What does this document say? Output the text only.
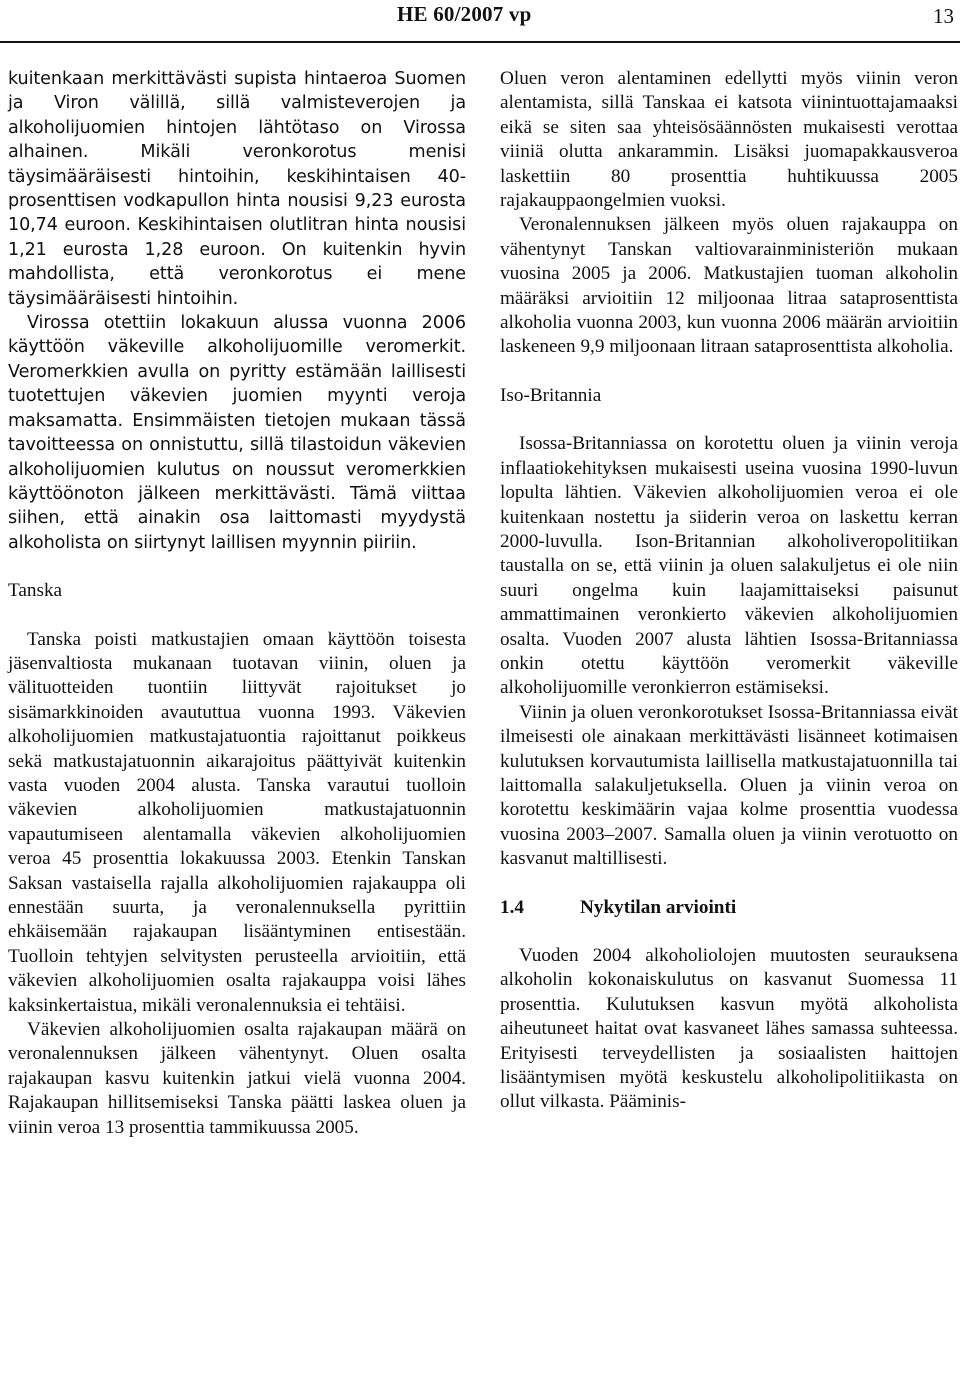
HE 60/2007 vp	13

kuitenkaan merkittävästi supista hintaeroa Suomen ja Viron välillä, sillä valmisteverojen ja alkoholijuomien hintojen lähtötaso on Virossa alhainen. Mikäli veronkorotus menisi täysimääräisesti hintoihin, keskihintaisen 40-prosenttisen vodkapullon hinta nousisi 9,23 eurosta 10,74 euroon. Keskihintaisen olutlitran hinta nousisi 1,21 eurosta 1,28 euroon. On kuitenkin hyvin mahdollista, että veronkorotus ei mene täysimääräisesti hintoihin.

Virossa otettiin lokakuun alussa vuonna 2006 käyttöön väkeville alkoholijuomille veromerkit. Veromerkkien avulla on pyritty estämään laillisesti tuotettujen väkevien juomien myynti veroja maksamatta. Ensimmäisten tietojen mukaan tässä tavoitteessa on onnistuttu, sillä tilastoidun väkevien alkoholijuomien kulutus on noussut veromerkkien käyttöönoton jälkeen merkittävästi. Tämä viittaa siihen, että ainakin osa laittomasti myydystä alkoholista on siirtynyt laillisen myynnin piiriin.

Tanska

Tanska poisti matkustajien omaan käyttöön toisesta jäsenvaltiosta mukanaan tuotavan viinin, oluen ja välituotteiden tuontiin liittyvät rajoitukset jo sisämarkkinoiden avaututtua vuonna 1993. Väkevien alkoholijuomien matkustajatuontia rajoittanut poikkeus sekä matkustajatuonnin aikarajoitus päättyivät kuitenkin vasta vuoden 2004 alusta. Tanska varautui tuolloin väkevien alkoholijuomien matkustajatuonnin vapautumiseen alentamalla väkevien alkoholijuomien veroa 45 prosenttia lokakuussa 2003. Etenkin Tanskan Saksan vastaisella rajalla alkoholijuomien rajakauppa oli ennestään suurta, ja veronalennuksella pyrittiin ehkäisemään rajakaupan lisääntyminen entisestään. Tuolloin tehtyjen selvitysten perusteella arvioitiin, että väkevien alkoholijuomien osalta rajakauppa voisi lähes kaksinkertaistua, mikäli veronalennuksia ei tehtäisi.

Väkevien alkoholijuomien osalta rajakaupan määrä on veronalennuksen jälkeen vähentynyt. Oluen osalta rajakaupan kasvu kuitenkin jatkui vielä vuonna 2004. Rajakaupan hillitsemiseksi Tanska päätti laskea oluen ja viinin veroa 13 prosenttia tammikuussa 2005.

Oluen veron alentaminen edellytti myös viinin veron alentamista, sillä Tanskaa ei katsota viinintuottajamaaksi eikä se siten saa yhteisösäännösten mukaisesti verottaa viiniä olutta ankarammin. Lisäksi juomapakkausveroa laskettiin 80 prosenttia huhtikuussa 2005 rajakauppaongelmien vuoksi.

Veronalennuksen jälkeen myös oluen rajakauppa on vähentynyt Tanskan valtiovarainministeriön mukaan vuosina 2005 ja 2006. Matkustajien tuoman alkoholin määräksi arvioitiin 12 miljoonaa litraa sataprosenttista alkoholia vuonna 2003, kun vuonna 2006 määrän arvioitiin laskeneen 9,9 miljoonaan litraan sataprosenttista alkoholia.

Iso-Britannia

Isossa-Britanniassa on korotettu oluen ja viinin veroja inflaatiokehityksen mukaisesti useina vuosina 1990-luvun lopulta lähtien. Väkevien alkoholijuomien veroa ei ole kuitenkaan nostettu ja siiderin veroa on laskettu kerran 2000-luvulla. Ison-Britannian alkoholiveropolitiikan taustalla on se, että viinin ja oluen salakuljetus ei ole niin suuri ongelma kuin laajamittaiseksi paisunut ammattimainen veronkierto väkevien alkoholijuomien osalta. Vuoden 2007 alusta lähtien Isossa-Britanniassa onkin otettu käyttöön veromerkit väkeville alkoholijuomille veronkierron estämiseksi.

Viinin ja oluen veronkorotukset Isossa-Britanniassa eivät ilmeisesti ole ainakaan merkittävästi lisänneet kotimaisen kulutuksen korvautumista laillisella matkustajatuonnilla tai laittomalla salakuljetuksella. Oluen ja viinin veroa on korotettu keskimäärin vajaa kolme prosenttia vuodessa vuosina 2003–2007. Samalla oluen ja viinin verotuotto on kasvanut maltillisesti.

1.4	Nykytilan arviointi

Vuoden 2004 alkoholiolojen muutosten seurauksena alkoholin kokonaiskulutus on kasvanut Suomessa 11 prosenttia. Kulutuksen kasvun myötä alkoholista aiheutuneet haitat ovat kasvaneet lähes samassa suhteessa. Erityisesti terveydellisten ja sosiaalisten haittojen lisääntymisen myötä keskustelu alkoholipolitiikasta on ollut vilkasta. Pääminis-
